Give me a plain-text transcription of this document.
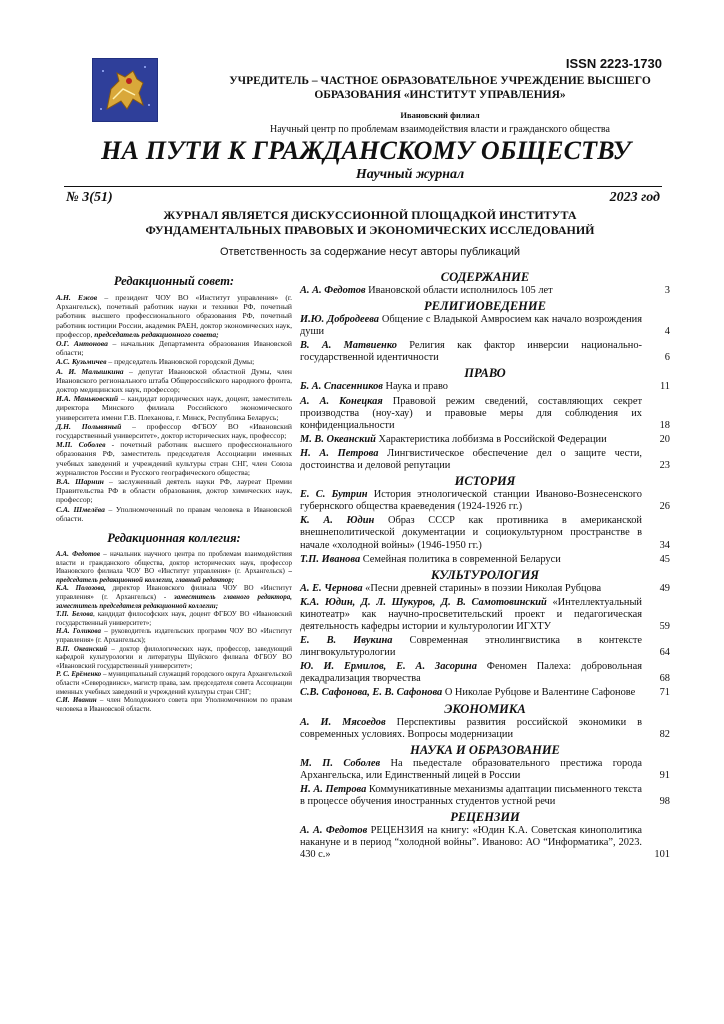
ISSN 2223-1730
УЧРЕДИТЕЛЬ – ЧАСТНОЕ ОБРАЗОВАТЕЛЬНОЕ УЧРЕЖДЕНИЕ ВЫСШЕГО ОБРАЗОВАНИЯ «ИНСТИТУТ УПРАВЛЕНИЯ»
Ивановский филиал
Научный центр по проблемам взаимодействия власти и гражданского общества
НА ПУТИ К ГРАЖДАНСКОМУ ОБЩЕСТВУ
Научный журнал
№ 3(51)	2023 год
ЖУРНАЛ ЯВЛЯЕТСЯ ДИСКУССИОННОЙ ПЛОЩАДКОЙ ИНСТИТУТА ФУНДАМЕНТАЛЬНЫХ ПРАВОВЫХ И ЭКОНОМИЧЕСКИХ ИССЛЕДОВАНИЙ
Ответственность за содержание несут авторы публикаций
Редакционный совет:

А.Н. Ежов – президент ЧОУ ВО «Институт управления» (г. Архангельск), почетный работник науки и техники РФ, почетный работник высшего профессионального образования РФ, почетный работник юстиции России, академик РАЕН, доктор экономических наук, профессор, председатель редакционного совета;

О.Г. Антонова – начальник Департамента образования Ивановской области;

А.С. Кузьмичев – председатель Ивановской городской Думы;

А. И. Малышкина – депутат Ивановской областной Думы, член Ивановского регионального штаба Общероссийского народного фронта, доктор медицинских наук, профессор;

И.А. Маньковский – кандидат юридических наук, доцент, заместитель директора Минского филиала Российского экономического университета имени Г.В. Плеханова, г. Минск, Республика Беларусь;

Д.Н. Полывяный – профессор ФГБОУ ВО «Ивановский государственный университет», доктор исторических наук, профессор;

М.П. Соболев - почетный работник высшего профессионального образования РФ, заместитель председателя Ассоциации именных учебных заведений и учреждений культуры стран СНГ, член Союза журналистов России и Русского географического общества;

В.А. Шарнин – заслуженный деятель науки РФ, лауреат Премии Правительства РФ в области образования, доктор химических наук, профессор;

С.А. Шмелёва – Уполномоченный по правам человека в Ивановской области.

Редакционная коллегия:

А.А. Федотов – начальник научного центра по проблемам взаимодействия власти и гражданского общества, доктор исторических наук, профессор Ивановского филиала ЧОУ ВО «Институт управления» (г. Архангельск) – председатель редакционной коллегии, главный редактор;

К.А. Полозова, директор Ивановского филиала ЧОУ ВО «Институт управления» (г. Архангельск) - заместитель главного редактора, заместитель председателя редакционной коллегии;

Т.П. Белова, кандидат философских наук, доцент ФГБОУ ВО «Ивановский государственный университет»;

Н.А. Голикова – руководитель издательских программ ЧОУ ВО «Институт управления» (г. Архангельск);

В.П. Океанский – доктор филологических наук, профессор, заведующий кафедрой культурологии и литературы Шуйского филиала ФГБОУ ВО «Ивановский государственный университет»;

Р. С. Ерёменко – муниципальный служащий городского округа Архангельской области «Северодвинск», магистр права, зам. председателя совета Ассоциации именных учебных заведений и учреждений культуры стран СНГ;

С.И. Иванин – член Молодежного совета при Уполномоченном по правам человека в Ивановской области.

СОДЕРЖАНИЕ
А. А. Федотов Ивановской области исполнилось 105 лет	3
РЕЛИГИОВЕДЕНИЕ
И.Ю. Добродеева Общение с Владыкой Амвросием как начало возрождения души	4
В. А. Матвиенко Религия как фактор инверсии национально-государственной идентичности	6
ПРАВО
Б. А. Спасенников Наука и право	11
А. А. Конецкая Правовой режим сведений, составляющих секрет производства (ноу-хау) и правовые меры для соблюдения их конфиденциальности	18
М. В. Океанский Характеристика лоббизма в Российской Федерации	20
Н. А. Петрова Лингвистическое обеспечение дел о защите чести, достоинства и деловой репутации	23
ИСТОРИЯ
Е. С. Бутрин История этнологической станции Иваново-Вознесенского губернского общества краеведения (1924-1926 гг.)	26
К. А. Юдин Образ СССР как противника в американской внешнеполитической документации и социокультурном пространстве в начале «холодной войны» (1946-1950 гг.)	34
Т.П. Иванова Семейная политика в современной Беларуси	45
КУЛЬТУРОЛОГИЯ
А. Е. Чернова «Песни древней старины» в поэзии Николая Рубцова	49
К.А. Юдин, Д. Л. Шукуров, Д. В. Самотовинский «Интеллектуальный кинотеатр» как научно-просветительский проект и педагогическая деятельность кафедры истории и культурологии ИГХТУ	59
Е. В. Ивукина Современная этнолингвистика в контексте лингвокультурологии	64
Ю. И. Ермилов, Е. А. Засорина Феномен Палеха: добровольная декадрализация творчества	68
С.В. Сафонова, Е. В. Сафонова О Николае Рубцове и Валентине Сафонове	71
ЭКОНОМИКА
А. И. Мясоедов Перспективы развития российской экономики в современных условиях. Вопросы модернизации	82
НАУКА И ОБРАЗОВАНИЕ
М. П. Соболев На пьедестале образовательного престижа города Архангельска, или Единственный лицей в России	91
Н. А. Петрова Коммуникативные механизмы адаптации письменного текста в процессе обучения иностранных студентов устной речи	98
РЕЦЕНЗИИ
А. А. Федотов РЕЦЕНЗИЯ на книгу: «Юдин К.А. Советская кинополитика накануне и в период “холодной войны”. Иваново: АО “Информатика”, 2023. 430 с.»	101
